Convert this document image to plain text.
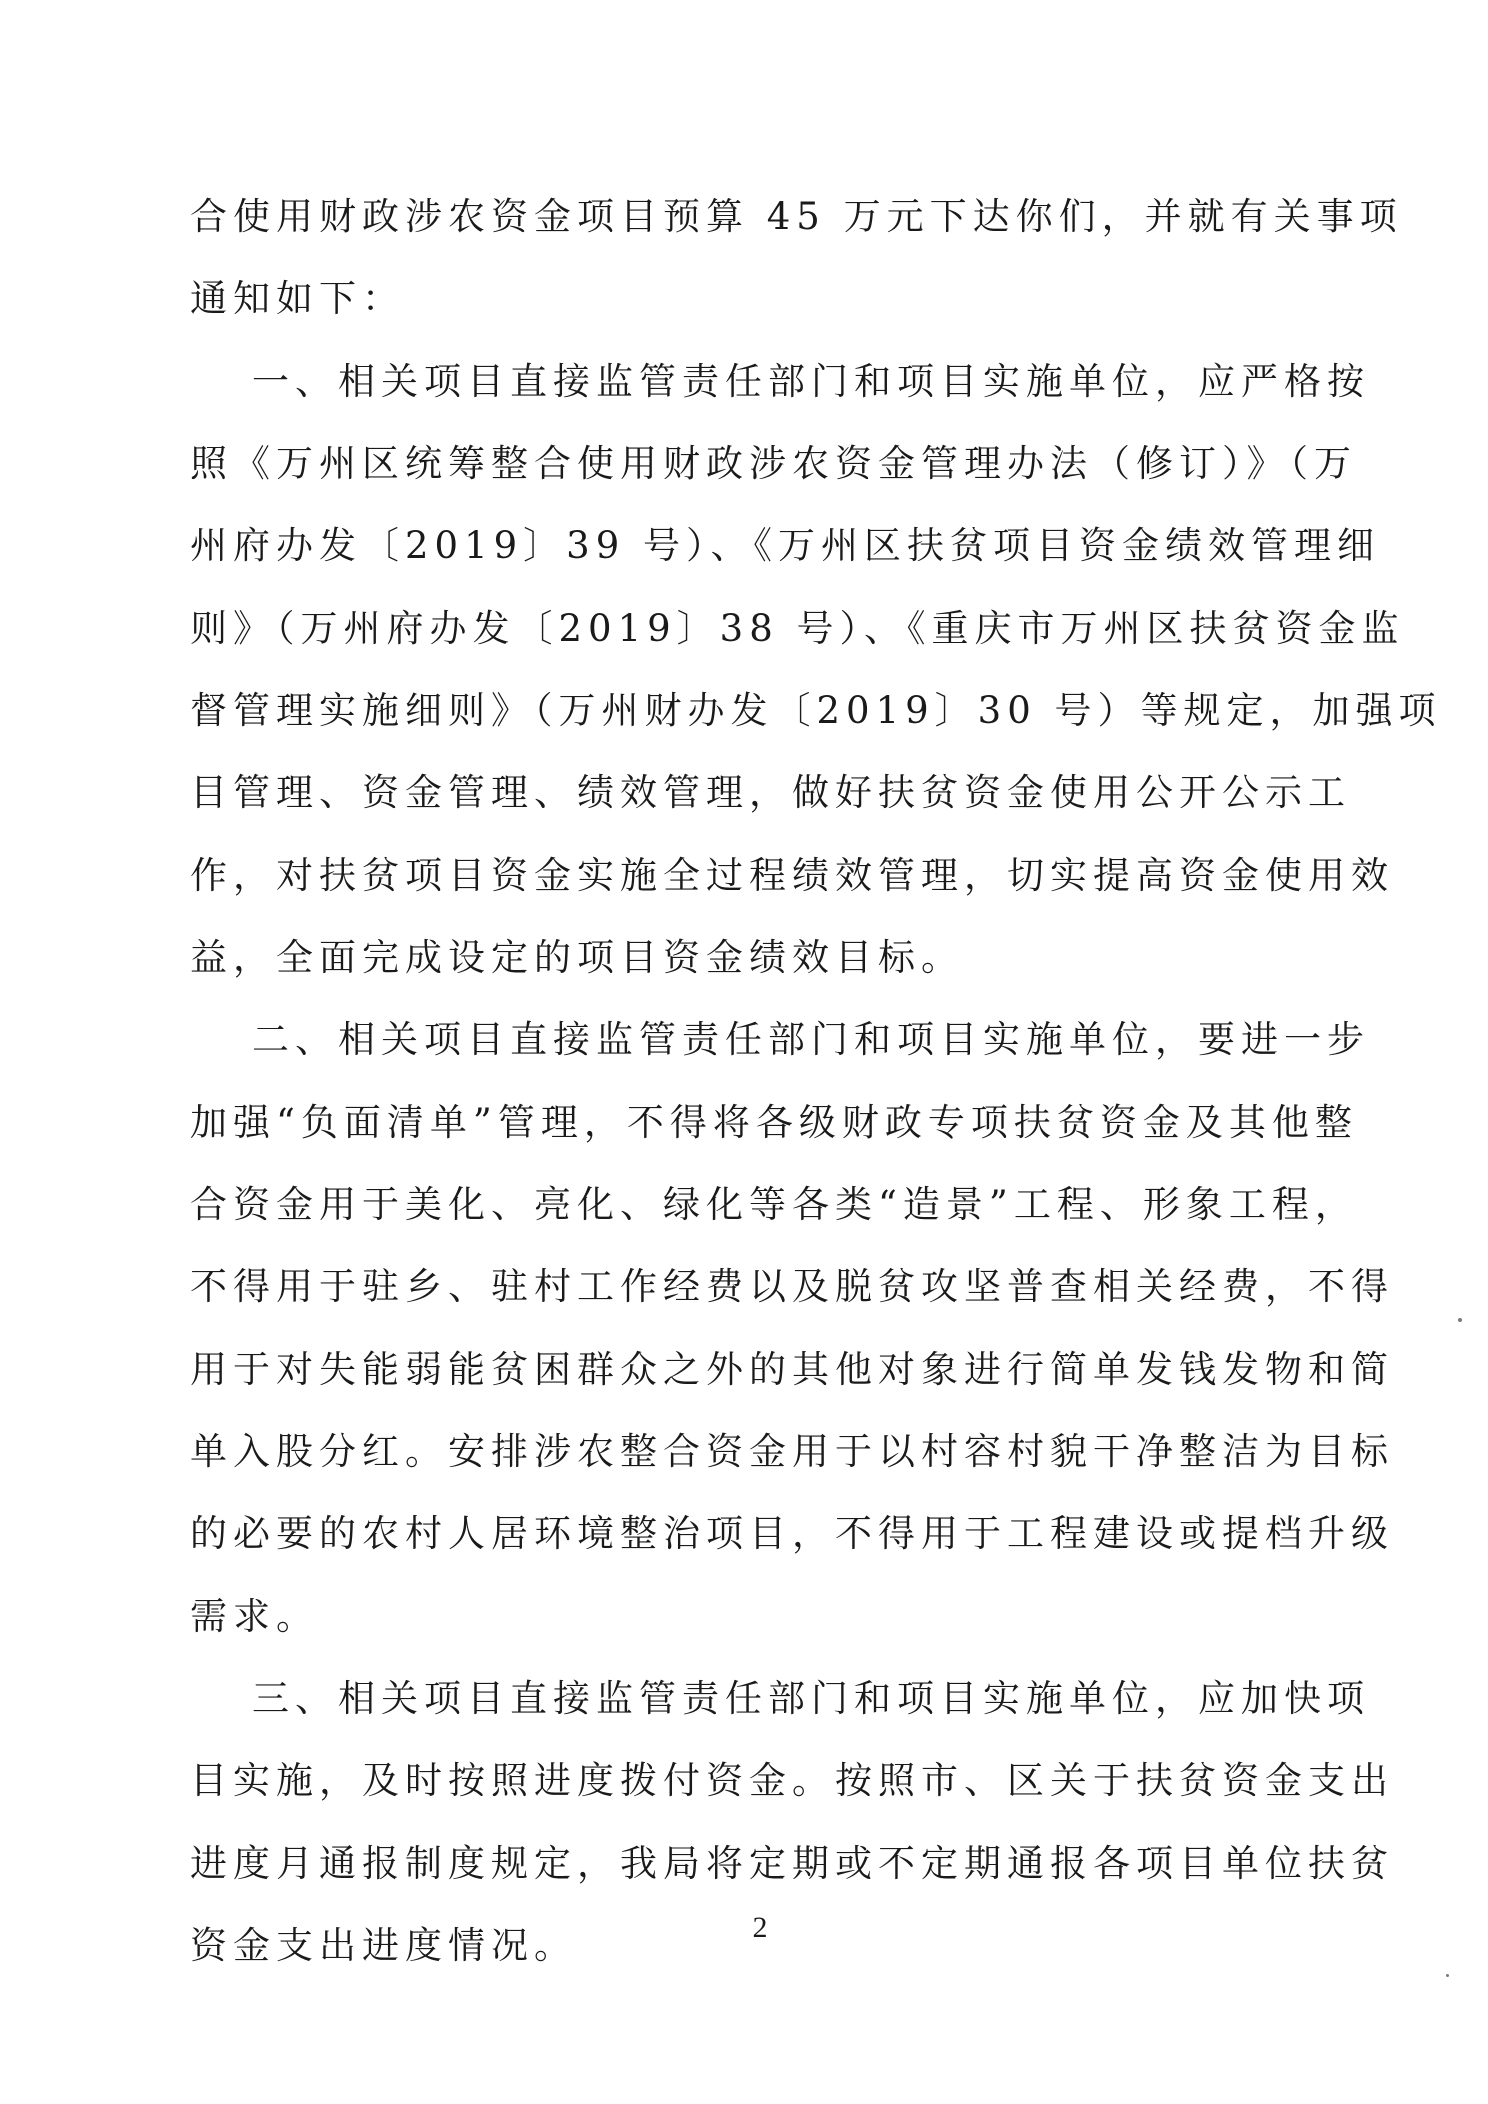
合使用财政涉农资金项目预算 45 万元下达你们，并就有关事项
通知如下：
一、相关项目直接监管责任部门和项目实施单位，应严格按
照《万州区统筹整合使用财政涉农资金管理办法（修订）》（万
州府办发〔2019〕39 号）、《万州区扶贫项目资金绩效管理细
则》（万州府办发〔2019〕38 号）、《重庆市万州区扶贫资金监
督管理实施细则》（万州财办发〔2019〕30 号）等规定，加强项
目管理、资金管理、绩效管理，做好扶贫资金使用公开公示工
作，对扶贫项目资金实施全过程绩效管理，切实提高资金使用效
益，全面完成设定的项目资金绩效目标。
二、相关项目直接监管责任部门和项目实施单位，要进一步
加强“负面清单”管理，不得将各级财政专项扶贫资金及其他整
合资金用于美化、亮化、绿化等各类“造景”工程、形象工程，
不得用于驻乡、驻村工作经费以及脱贫攻坚普查相关经费，不得
用于对失能弱能贫困群众之外的其他对象进行简单发钱发物和简
单入股分红。安排涉农整合资金用于以村容村貌干净整洁为目标
的必要的农村人居环境整治项目，不得用于工程建设或提档升级
需求。
三、相关项目直接监管责任部门和项目实施单位，应加快项
目实施，及时按照进度拨付资金。按照市、区关于扶贫资金支出
进度月通报制度规定，我局将定期或不定期通报各项目单位扶贫
资金支出进度情况。	2
